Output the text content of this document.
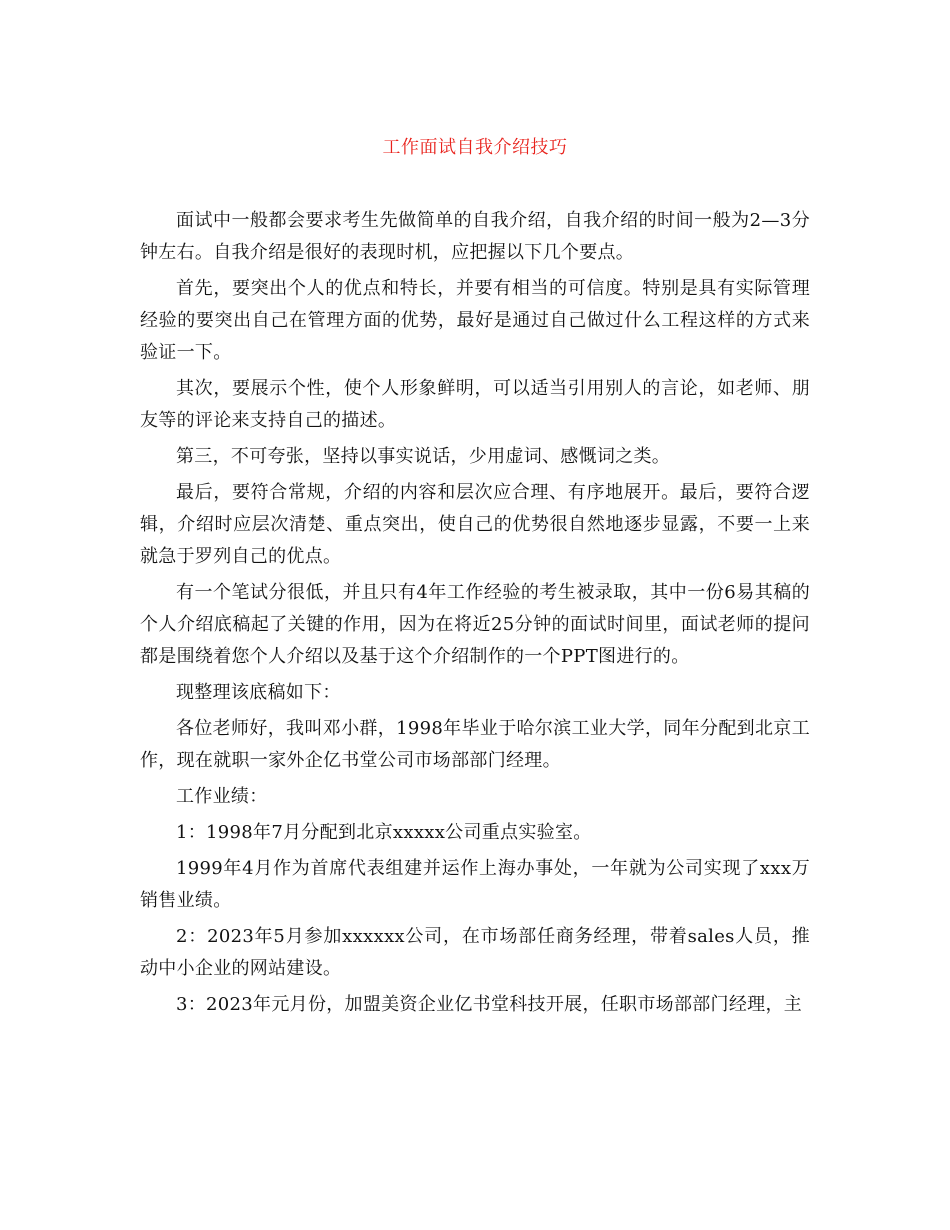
工作面试自我介绍技巧

面试中一般都会要求考生先做简单的自我介绍，自我介绍的时间一般为2—3分钟左右。自我介绍是很好的表现时机，应把握以下几个要点。

首先，要突出个人的优点和特长，并要有相当的可信度。特别是具有实际管理经验的要突出自己在管理方面的优势，最好是通过自己做过什么工程这样的方式来验证一下。

其次，要展示个性，使个人形象鲜明，可以适当引用别人的言论，如老师、朋友等的评论来支持自己的描述。

第三，不可夸张，坚持以事实说话，少用虚词、感慨词之类。

最后，要符合常规，介绍的内容和层次应合理、有序地展开。最后，要符合逻辑，介绍时应层次清楚、重点突出，使自己的优势很自然地逐步显露，不要一上来就急于罗列自己的优点。

有一个笔试分很低，并且只有4年工作经验的考生被录取，其中一份6易其稿的个人介绍底稿起了关键的作用，因为在将近25分钟的面试时间里，面试老师的提问都是围绕着您个人介绍以及基于这个介绍制作的一个PPT图进行的。

现整理该底稿如下：

各位老师好，我叫邓小群，1998年毕业于哈尔滨工业大学，同年分配到北京工作，现在就职一家外企亿书堂公司市场部部门经理。

工作业绩：

1：1998年7月分配到北京xxxxx公司重点实验室。

1999年4月作为首席代表组建并运作上海办事处，一年就为公司实现了xxx万销售业绩。

2：2023年5月参加xxxxxx公司，在市场部任商务经理，带着sales人员，推动中小企业的网站建设。

3：2023年元月份，加盟美资企业亿书堂科技开展，任职市场部部门经理，主
